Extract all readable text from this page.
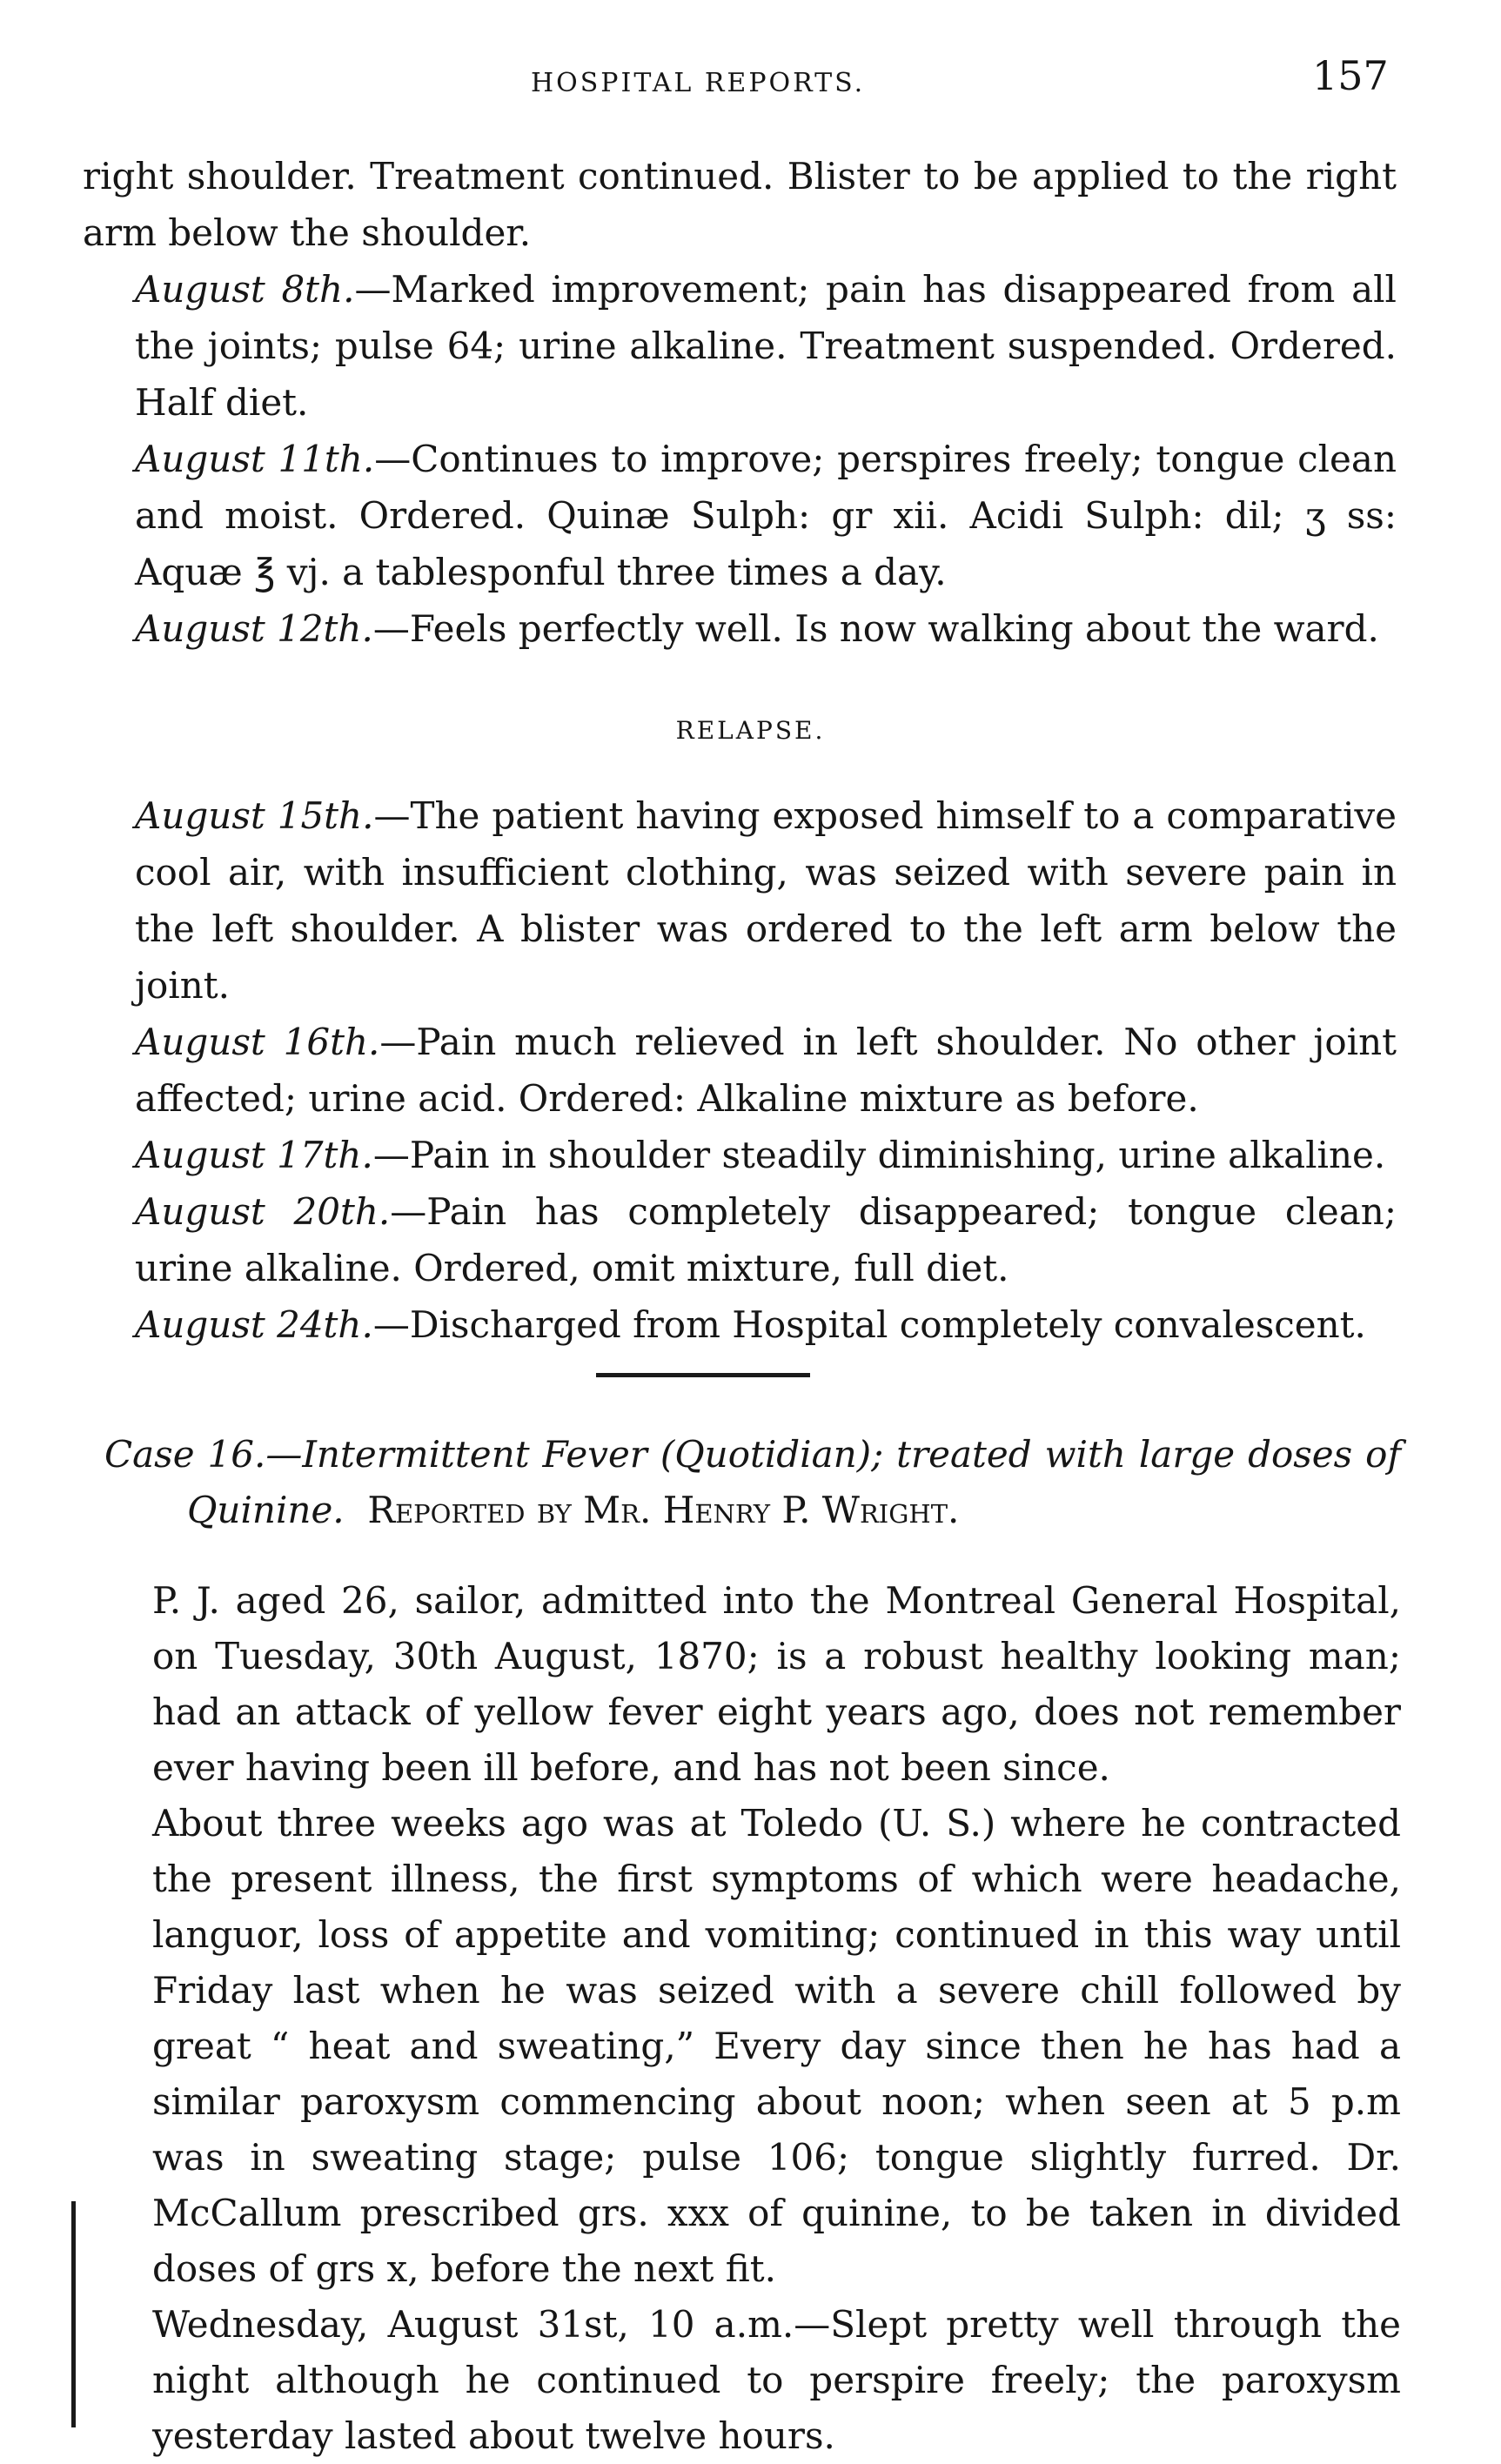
HOSPITAL REPORTS.	157

right shoulder. Treatment continued. Blister to be applied to the right arm below the shoulder.

August 8th.—Marked improvement; pain has disappeared from all the joints; pulse 64; urine alkaline. Treatment suspended. Ordered. Half diet.

August 11th.—Continues to improve; perspires freely; tongue clean and moist. Ordered. Quinæ Sulph: gr xii. Acidi Sulph: dil; ʒ ss: Aquæ ℥ vj. a tablesponful three times a day.

August 12th.—Feels perfectly well. Is now walking about the ward.

RELAPSE.

August 15th.—The patient having exposed himself to a comparative cool air, with insufficient clothing, was seized with severe pain in the left shoulder. A blister was ordered to the left arm below the joint.

August 16th.—Pain much relieved in left shoulder. No other joint affected; urine acid. Ordered: Alkaline mixture as before.

August 17th.—Pain in shoulder steadily diminishing, urine alkaline.

August 20th.—Pain has completely disappeared; tongue clean; urine alkaline. Ordered, omit mixture, full diet.

August 24th.—Discharged from Hospital completely convalescent.

Case 16.—Intermittent Fever (Quotidian); treated with large doses of
Quinine. Reported by Mr. Henry P. Wright.

P. J. aged 26, sailor, admitted into the Montreal General Hospital, on Tuesday, 30th August, 1870; is a robust healthy looking man; had an attack of yellow fever eight years ago, does not remember ever having been ill before, and has not been since.

About three weeks ago was at Toledo (U. S.) where he contracted the present illness, the first symptoms of which were headache, languor, loss of appetite and vomiting; continued in this way until Friday last when he was seized with a severe chill followed by great “ heat and sweating,” Every day since then he has had a similar paroxysm commencing about noon; when seen at 5 p.m was in sweating stage; pulse 106; tongue slightly furred. Dr. McCallum prescribed grs. xxx of quinine, to be taken in divided doses of grs x, before the next fit.

Wednesday, August 31st, 10 a.m.—Slept pretty well through the night although he continued to perspire freely; the paroxysm yesterday lasted about twelve hours.
